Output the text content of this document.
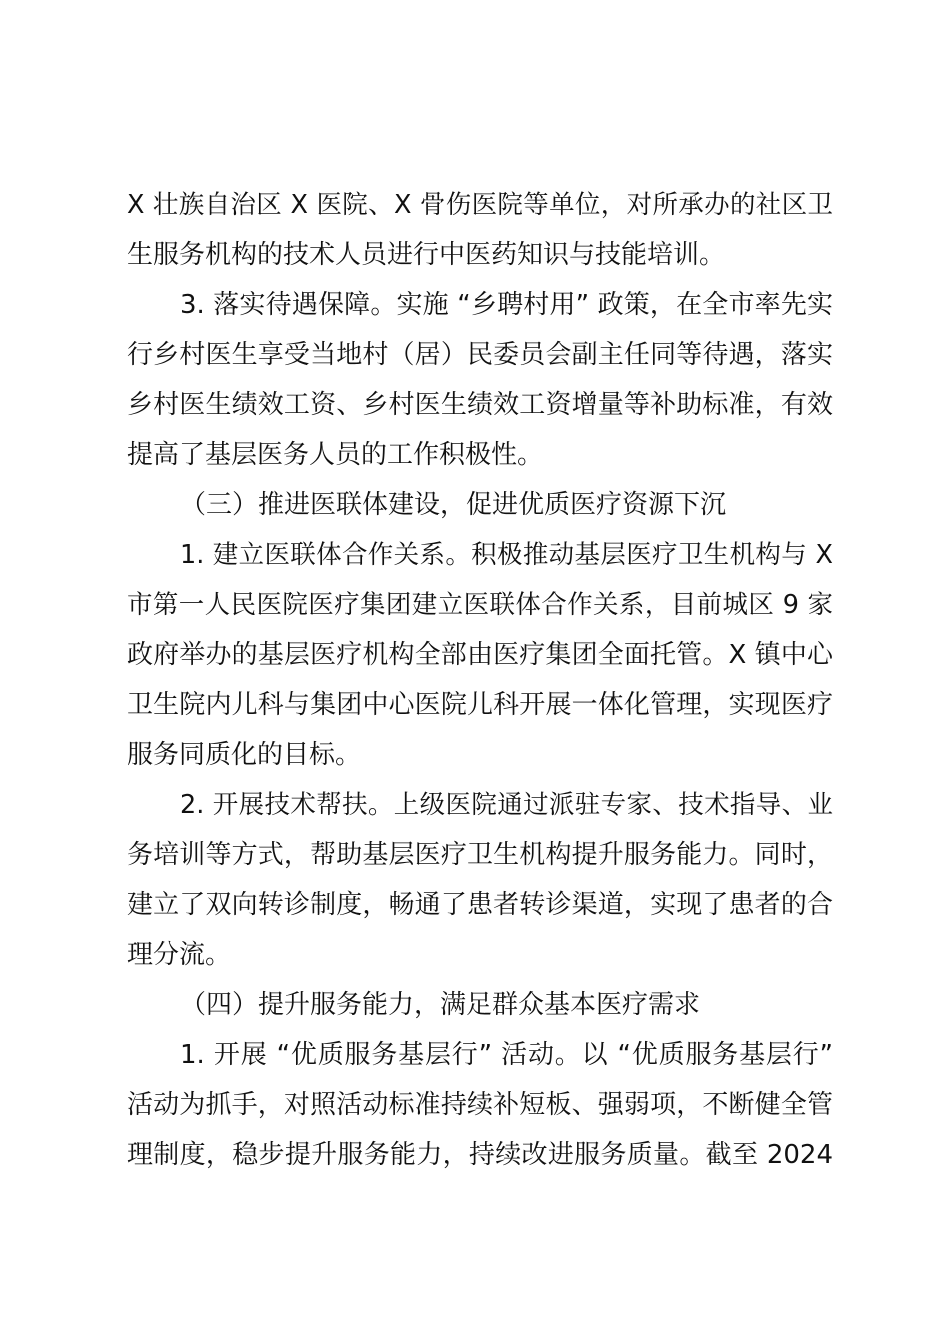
X 壮族自治区 X 医院、X 骨伤医院等单位，对所承办的社区卫
生服务机构的技术人员进行中医药知识与技能培训。
3. 落实待遇保障。实施 “乡聘村用” 政策，在全市率先实
行乡村医生享受当地村（居）民委员会副主任同等待遇，落实
乡村医生绩效工资、乡村医生绩效工资增量等补助标准，有效
提高了基层医务人员的工作积极性。
（三）推进医联体建设，促进优质医疗资源下沉
1. 建立医联体合作关系。积极推动基层医疗卫生机构与 X
市第一人民医院医疗集团建立医联体合作关系，目前城区 9 家
政府举办的基层医疗机构全部由医疗集团全面托管。X 镇中心
卫生院内儿科与集团中心医院儿科开展一体化管理，实现医疗
服务同质化的目标。
2. 开展技术帮扶。上级医院通过派驻专家、技术指导、业
务培训等方式，帮助基层医疗卫生机构提升服务能力。同时，
建立了双向转诊制度，畅通了患者转诊渠道，实现了患者的合
理分流。
（四）提升服务能力，满足群众基本医疗需求
1. 开展 “优质服务基层行” 活动。以 “优质服务基层行”
活动为抓手，对照活动标准持续补短板、强弱项，不断健全管
理制度，稳步提升服务能力，持续改进服务质量。截至 2024
